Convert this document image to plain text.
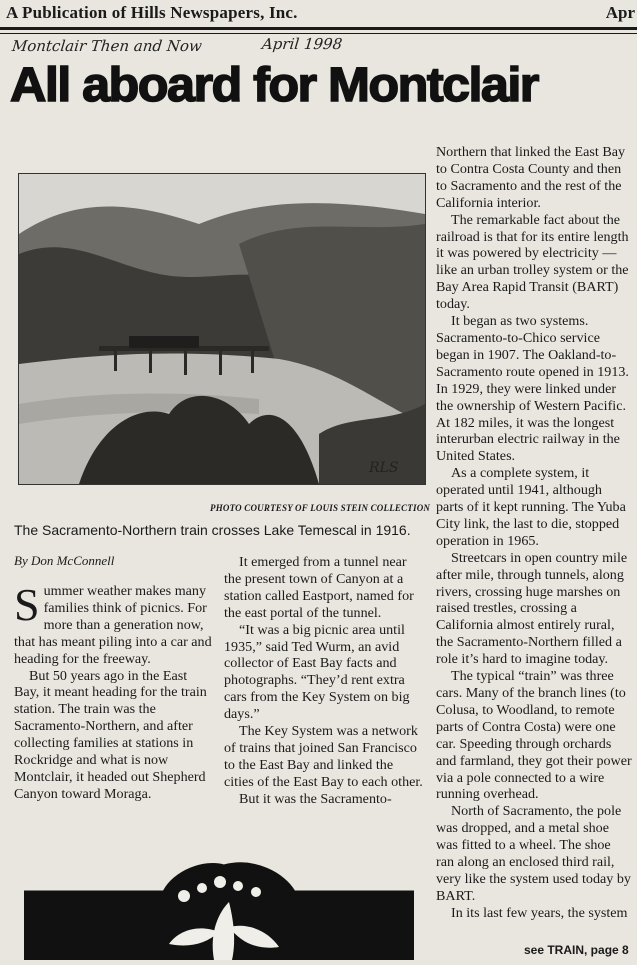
A Publication of Hills Newspapers, Inc.	Apr
Montclair Then and Now	April 1998
All aboard for Montclair
RLS
PHOTO COURTESY OF LOUIS STEIN COLLECTION
The Sacramento-Northern train crosses Lake Temescal in 1916.
By Don McConnell

Summer weather makes many families think of picnics. For more than a generation now, that has meant piling into a car and heading for the freeway.

But 50 years ago in the East Bay, it meant heading for the train station. The train was the Sacramento-Northern, and after collecting families at stations in Rockridge and what is now Montclair, it headed out Shepherd Canyon toward Moraga.

It emerged from a tunnel near the present town of Canyon at a station called Eastport, named for the east portal of the tunnel.

“It was a big picnic area until 1935,” said Ted Wurm, an avid collector of East Bay facts and photographs. “They’d rent extra cars from the Key System on big days.”

The Key System was a network of trains that joined San Francisco to the East Bay and linked the cities of the East Bay to each other.

But it was the Sacramento-

Northern that linked the East Bay to Contra Costa County and then to Sacramento and the rest of the California interior.

The remarkable fact about the railroad is that for its entire length it was powered by electricity — like an urban trolley system or the Bay Area Rapid Transit (BART) today.

It began as two systems. Sacramento-to-Chico service began in 1907. The Oakland-to-Sacramento route opened in 1913. In 1929, they were linked under the ownership of Western Pacific. At 182 miles, it was the longest interurban electric railway in the United States.

As a complete system, it operated until 1941, although parts of it kept running. The Yuba City link, the last to die, stopped operation in 1965.

Streetcars in open country mile after mile, through tunnels, along rivers, crossing huge marshes on raised trestles, crossing a California almost entirely rural, the Sacramento-Northern filled a role it’s hard to imagine today.

The typical “train” was three cars. Many of the branch lines (to Colusa, to Woodland, to remote parts of Contra Costa) were one car. Speeding through orchards and farmland, they got their power via a pole connected to a wire running overhead.

North of Sacramento, the pole was dropped, and a metal shoe was fitted to a wheel. The shoe ran along an enclosed third rail, very like the system used today by BART.

In its last few years, the system

see TRAIN, page 8
